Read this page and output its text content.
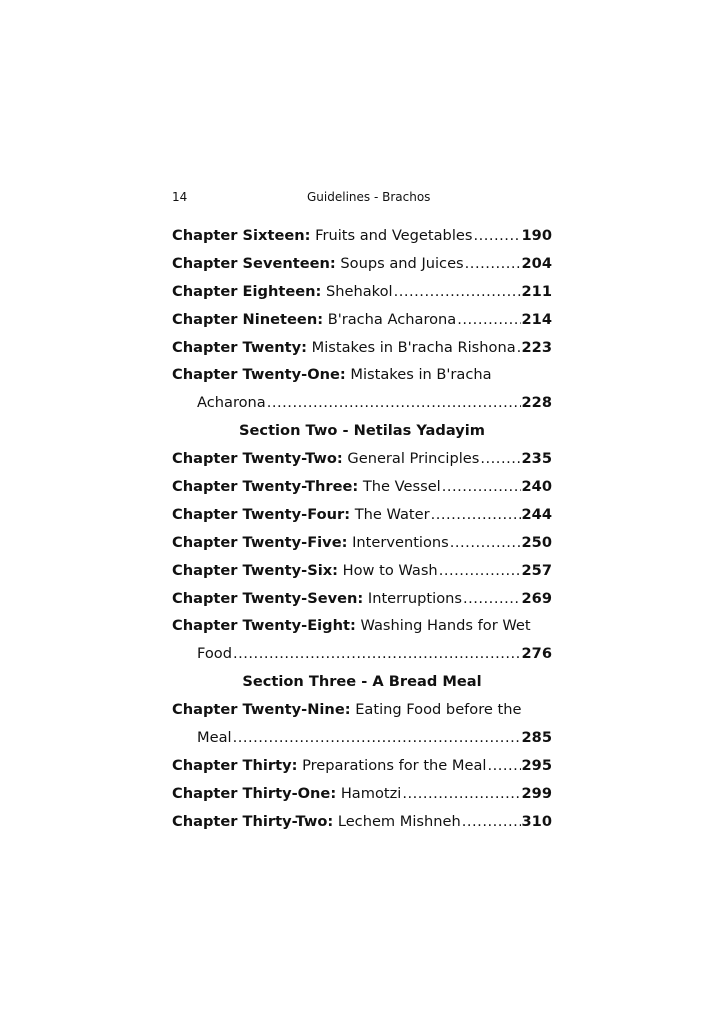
14	Guidelines - Brachos
Chapter Sixteen: Fruits and Vegetables .....	190
Chapter Seventeen: Soups and Juices .....	204
Chapter Eighteen: Shehakol .....	211
Chapter Nineteen: B'racha Acharona .....	214
Chapter Twenty: Mistakes in B'racha Rishona ..... 223
Chapter Twenty-One: Mistakes in B'racha
Acharona .....	228
Section Two - Netilas Yadayim
Chapter Twenty-Two: General Principles .....	235
Chapter Twenty-Three: The Vessel .....	240
Chapter Twenty-Four: The Water .....	244
Chapter Twenty-Five: Interventions .....	250
Chapter Twenty-Six: How to Wash .....	257
Chapter Twenty-Seven: Interruptions .....	269
Chapter Twenty-Eight: Washing Hands for Wet
Food .....	276
Section Three - A Bread Meal
Chapter Twenty-Nine: Eating Food before the
Meal .....	285
Chapter Thirty: Preparations for the Meal ..... 295
Chapter Thirty-One: Hamotzi .....	299
Chapter Thirty-Two: Lechem Mishneh .....	310
